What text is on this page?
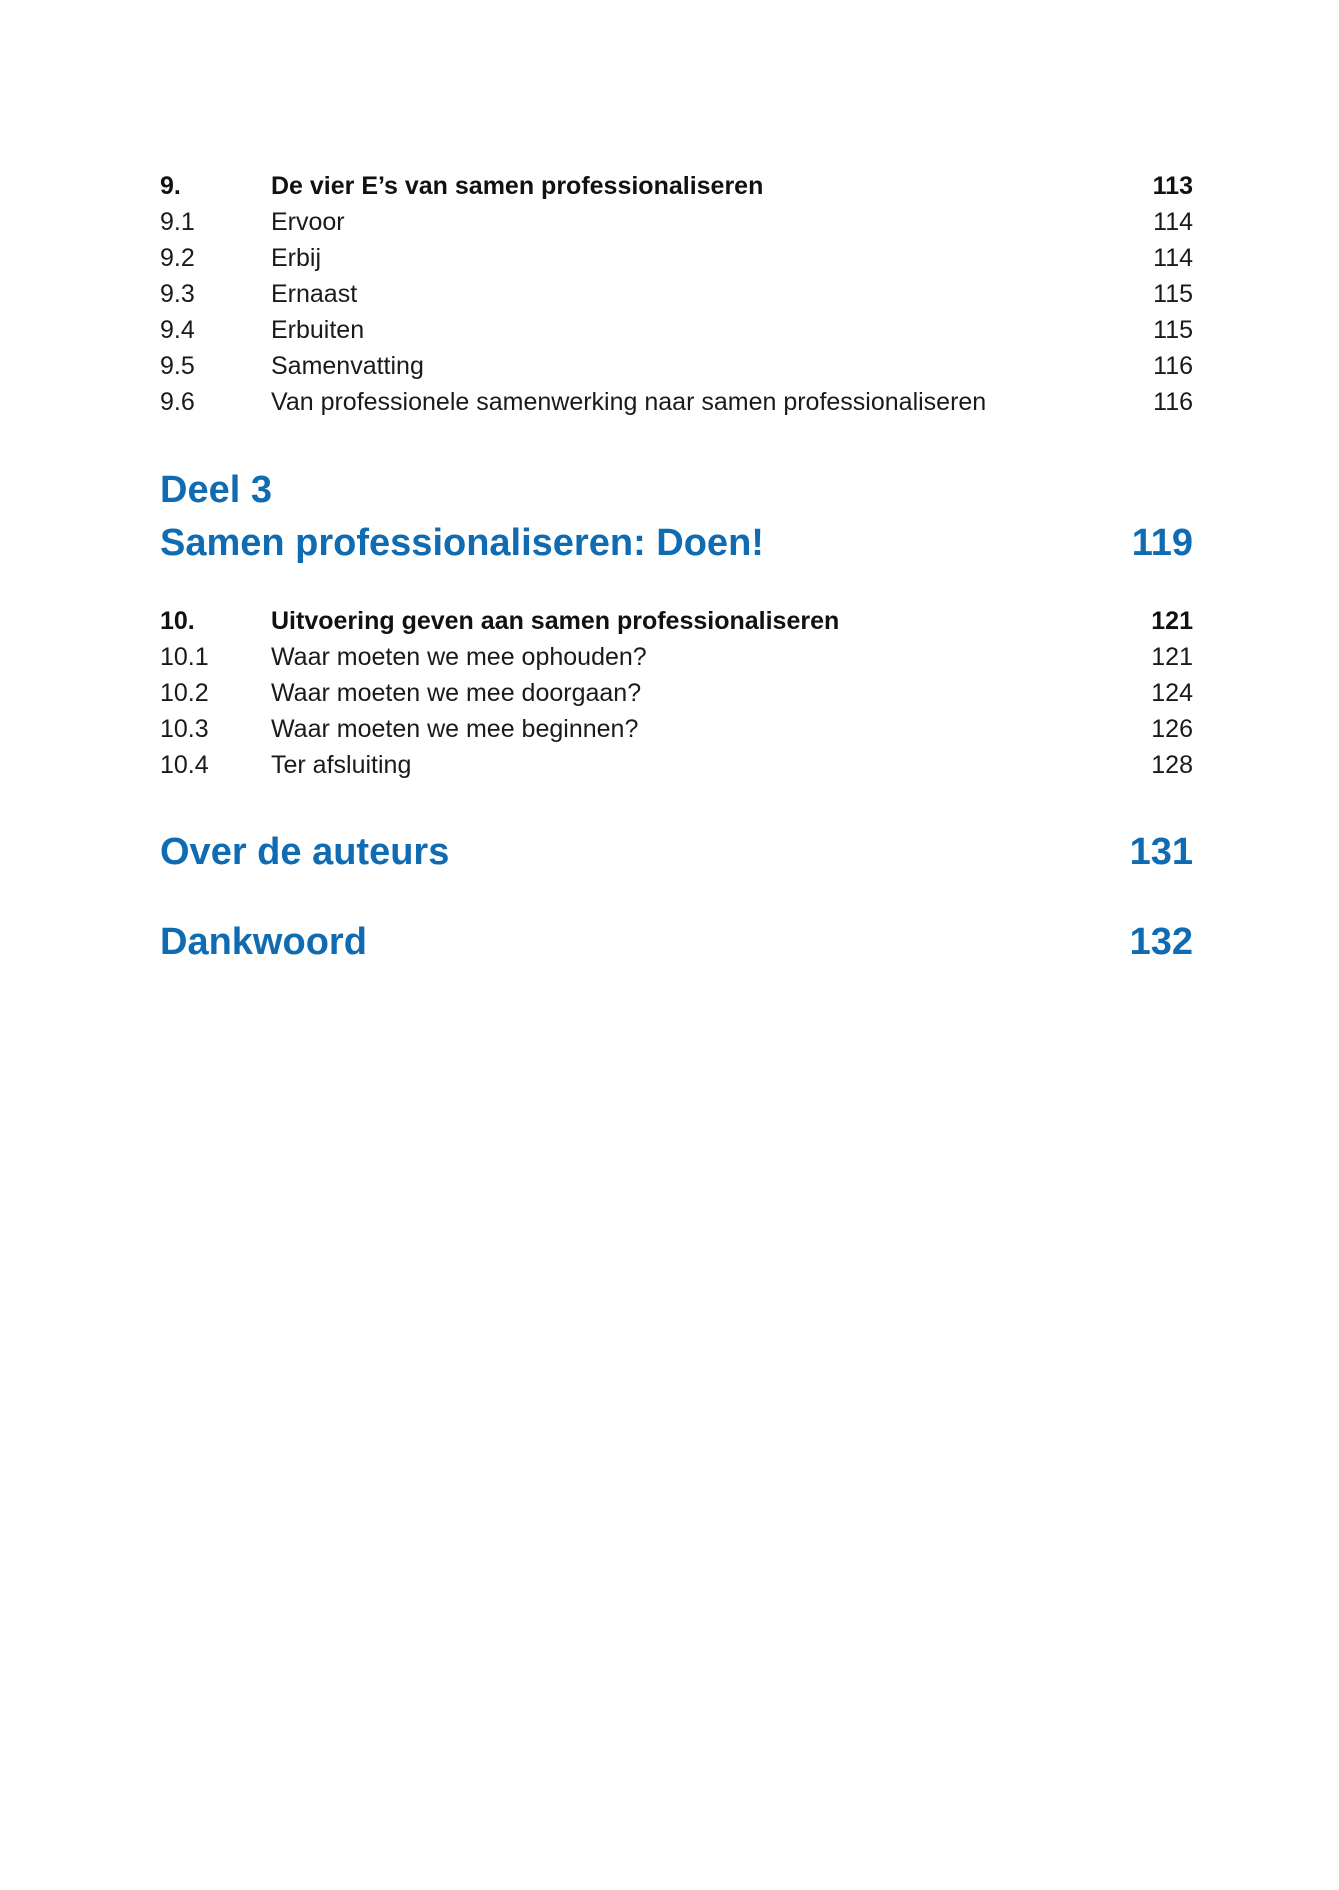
9.	De vier E’s van samen professionaliseren	113
9.1	Ervoor	114
9.2	Erbij	114
9.3	Ernaast	115
9.4	Erbuiten	115
9.5	Samenvatting	116
9.6	Van professionele samenwerking naar samen professionaliseren	116
Deel 3
Samen professionaliseren: Doen!	119
10.	Uitvoering geven aan samen professionaliseren	121
10.1 Waar moeten we mee ophouden?	121
10.2 Waar moeten we mee doorgaan?	124
10.3 Waar moeten we mee beginnen?	126
10.4 Ter afsluiting	128
Over de auteurs	131
Dankwoord	132
